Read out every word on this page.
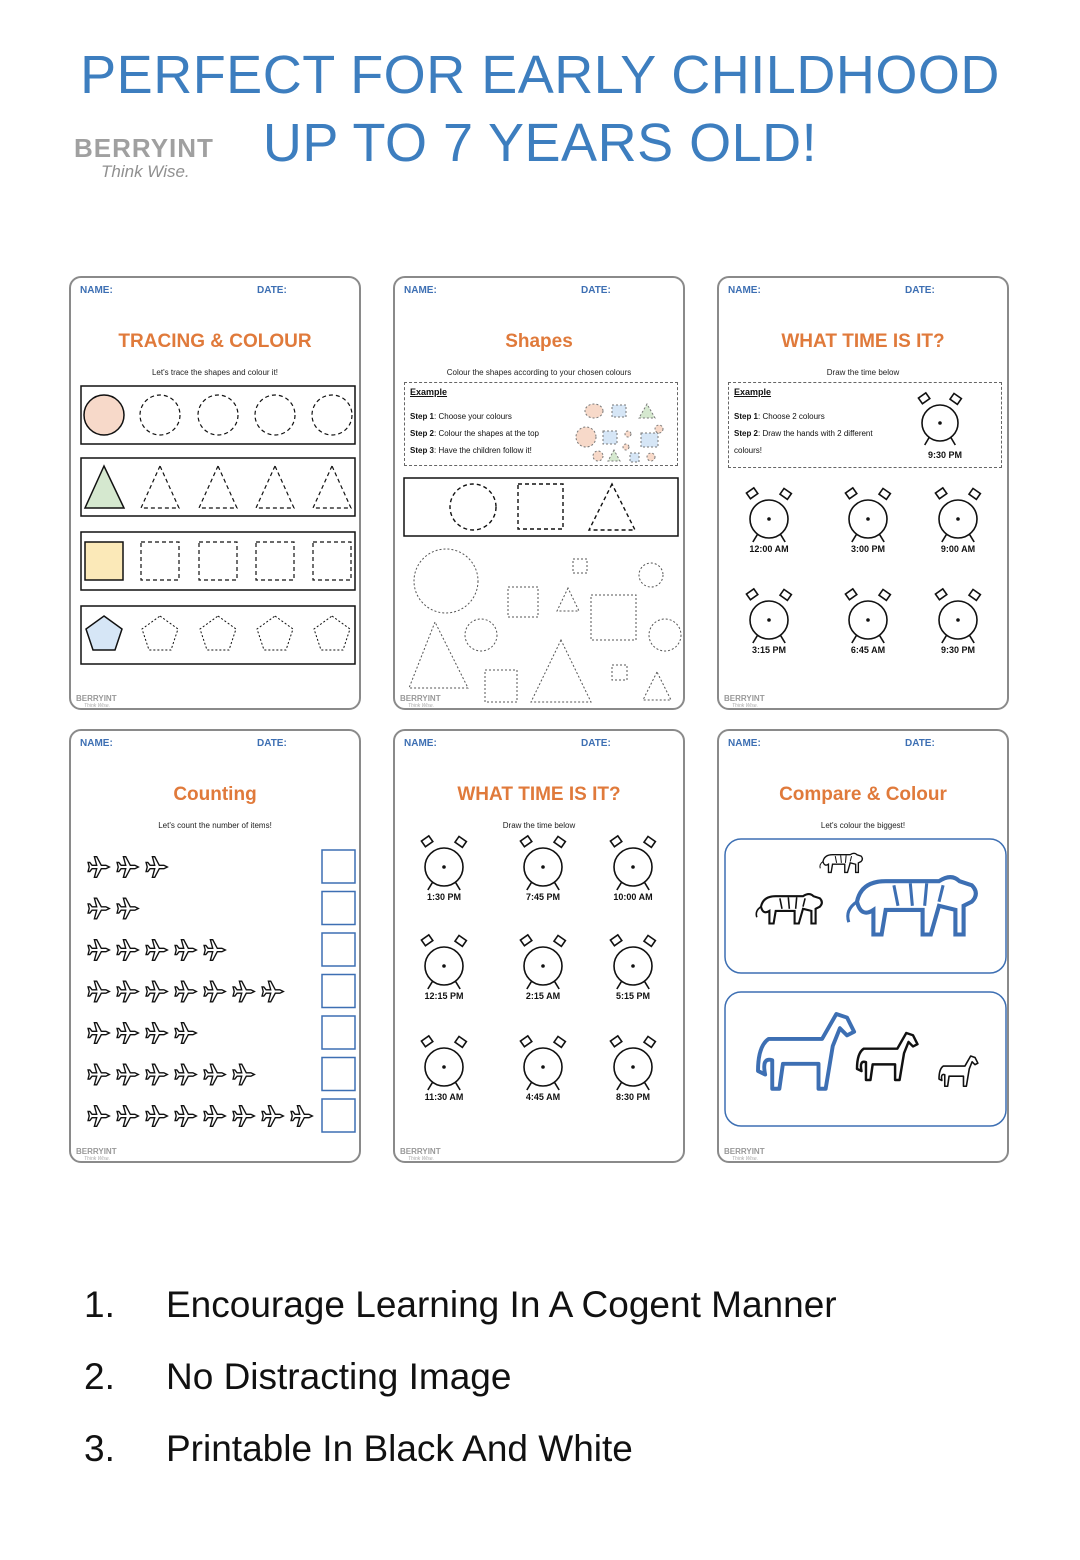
PERFECT FOR EARLY CHILDHOOD
UP TO 7 YEARS OLD!
BERRYINT
Think Wise.
NAME:	DATE:
TRACING & COLOUR
Let's trace the shapes and colour it!
BERRYINT
Think Wise.
NAME:	DATE:
Shapes
Colour the shapes according to your chosen colours
Example
Step 1: Choose your colours
Step 2: Colour the shapes at the top
Step 3: Have the children follow it!
BERRYINT
Think Wise.
NAME:	DATE:
WHAT TIME IS IT?
Draw the time below
Example
Step 1: Choose 2 colours
Step 2: Draw the hands with 2 different
colours!	9:30 PM
12:00 AM	3:00 PM	9:00 AM
3:15 PM	6:45 AM	9:30 PM
BERRYINT
Think Wise.
NAME:	DATE:
Counting
Let's count the number of items!
BERRYINT
Think Wise.
NAME:	DATE:
WHAT TIME IS IT?
Draw the time below
1:30 PM	7:45 PM	10:00 AM
12:15 PM	2:15 AM	5:15 PM
11:30 AM	4:45 AM	8:30 PM
BERRYINT
Think Wise.
NAME:	DATE:
Compare & Colour
Let's colour the biggest!
BERRYINT
Think Wise.
1. Encourage Learning In A Cogent Manner
2. No Distracting Image
3. Printable In Black And White
